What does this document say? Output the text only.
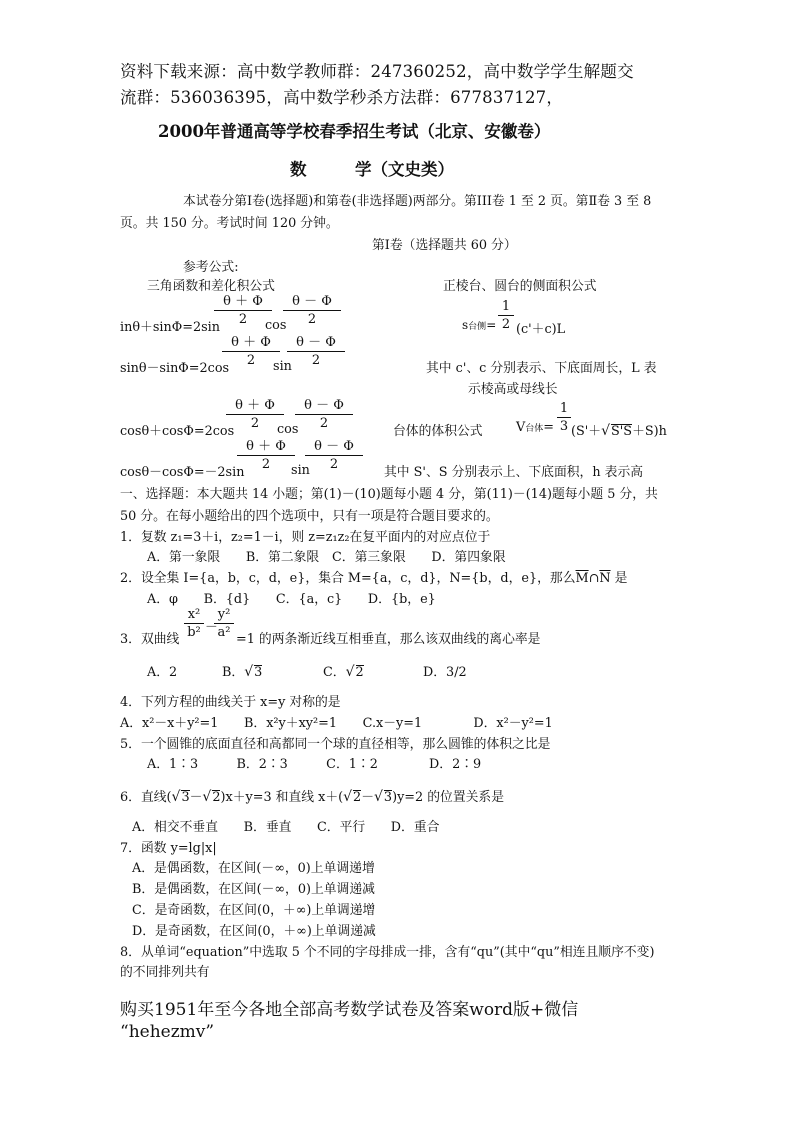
资料下载来源：高中数学教师群：247360252，高中数学学生解题交
流群：536036395，高中数学秒杀方法群：677837127，
2000年普通高等学校春季招生考试（北京、安徽卷）
数	学（文史类）
本试卷分第Ⅰ卷(选择题)和第卷(非选择题)两部分。第ⅠII卷 1 至 2 页。第Ⅱ卷 3 至 8
页。共 150 分。考试时间 120 分钟。
第Ⅰ卷（选择题共 60 分）
参考公式:
三角函数和差化积公式	正棱台、圆台的侧面积公式
$\frac{\theta + \Phi}{2} \frac{\theta - \Phi}{2}$
inθ＋sinΦ=2sin	cos	s台侧= $\frac{1}{2} (c'+c)L$
$\frac{\theta + \Phi}{2} \frac{\theta - \Phi}{2}$
sinθ－sinΦ=2cos	sin	其中 c'、c 分别表示、下底面周长，L 表
示棱高或母线长
$\frac{\theta + \Phi}{2} \frac{\theta - \Phi}{2}$
cosθ＋cosΦ=2cos	cos	台体的体积公式	V台体= $\frac{1}{3} (S'+√S'S+S)h$
$\frac{\theta + \Phi}{2} \frac{\theta - \Phi}{2}$
cosθ－cosΦ=－2sin	sin	其中 S'、S 分别表示上、下底面积，h 表示高
一、选择题：本大题共 14 小题；第(1)－(10)题每小题 4 分，第(11)－(14)题每小题 5 分，共
50 分。在每小题给出的四个选项中，只有一项是符合题目要求的。
1．复数 z₁=3＋i，z₂=1－i，则 z=z₁z₂在复平面内的对应点位于
A．第一象限　　B．第二象限　C．第三象限　　D．第四象限
2．设全集 I={a，b，c，d，e}，集合 M={a，c，d}，N={b，d，e}，那么$\overline{M}\cap\overline{N}$ 是
A．φ　　B．{d}　　C．{a，c}　　D．{b，e}
3．双曲线 $\frac{\text{x²}}{\text{b²}}$ －
$\frac{\text{y²}}{\text{a²}} =1$ 的两条渐近线互相垂直，那么该双曲线的离心率是
A．2	B．√3	C．√2	D．3/2
4．下列方程的曲线关于 x=y 对称的是
A．x²－x＋y²=1　　B．x²y＋xy²=1　　C.x－y=1　　　　D．x²－y²=1
5．一个圆锥的底面直径和高都同一个球的直径相等，那么圆锥的体积之比是
A．1∶3　　　B．2∶3　　　C．1∶2　　　　D．2∶9
6．直线(√3－√2)x＋y=3 和直线 x＋(√2－√3)y=2 的位置关系是
A．相交不垂直　　B．垂直　　C．平行　　D．重合
7．函数 y=lg|x|
A．是偶函数，在区间(－∞，0)上单调递增
B．是偶函数，在区间(－∞，0)上单调递减
C．是奇函数，在区间(0，＋∞)上单调递增
D．是奇函数，在区间(0，＋∞)上单调递减
8．从单词“equation”中选取 5 个不同的字母排成一排，含有“qu”(其中“qu”相连且顺序不变)
的不同排列共有
购买1951年至今各地全部高考数学试卷及答案word版+微信
“hehezmv”
